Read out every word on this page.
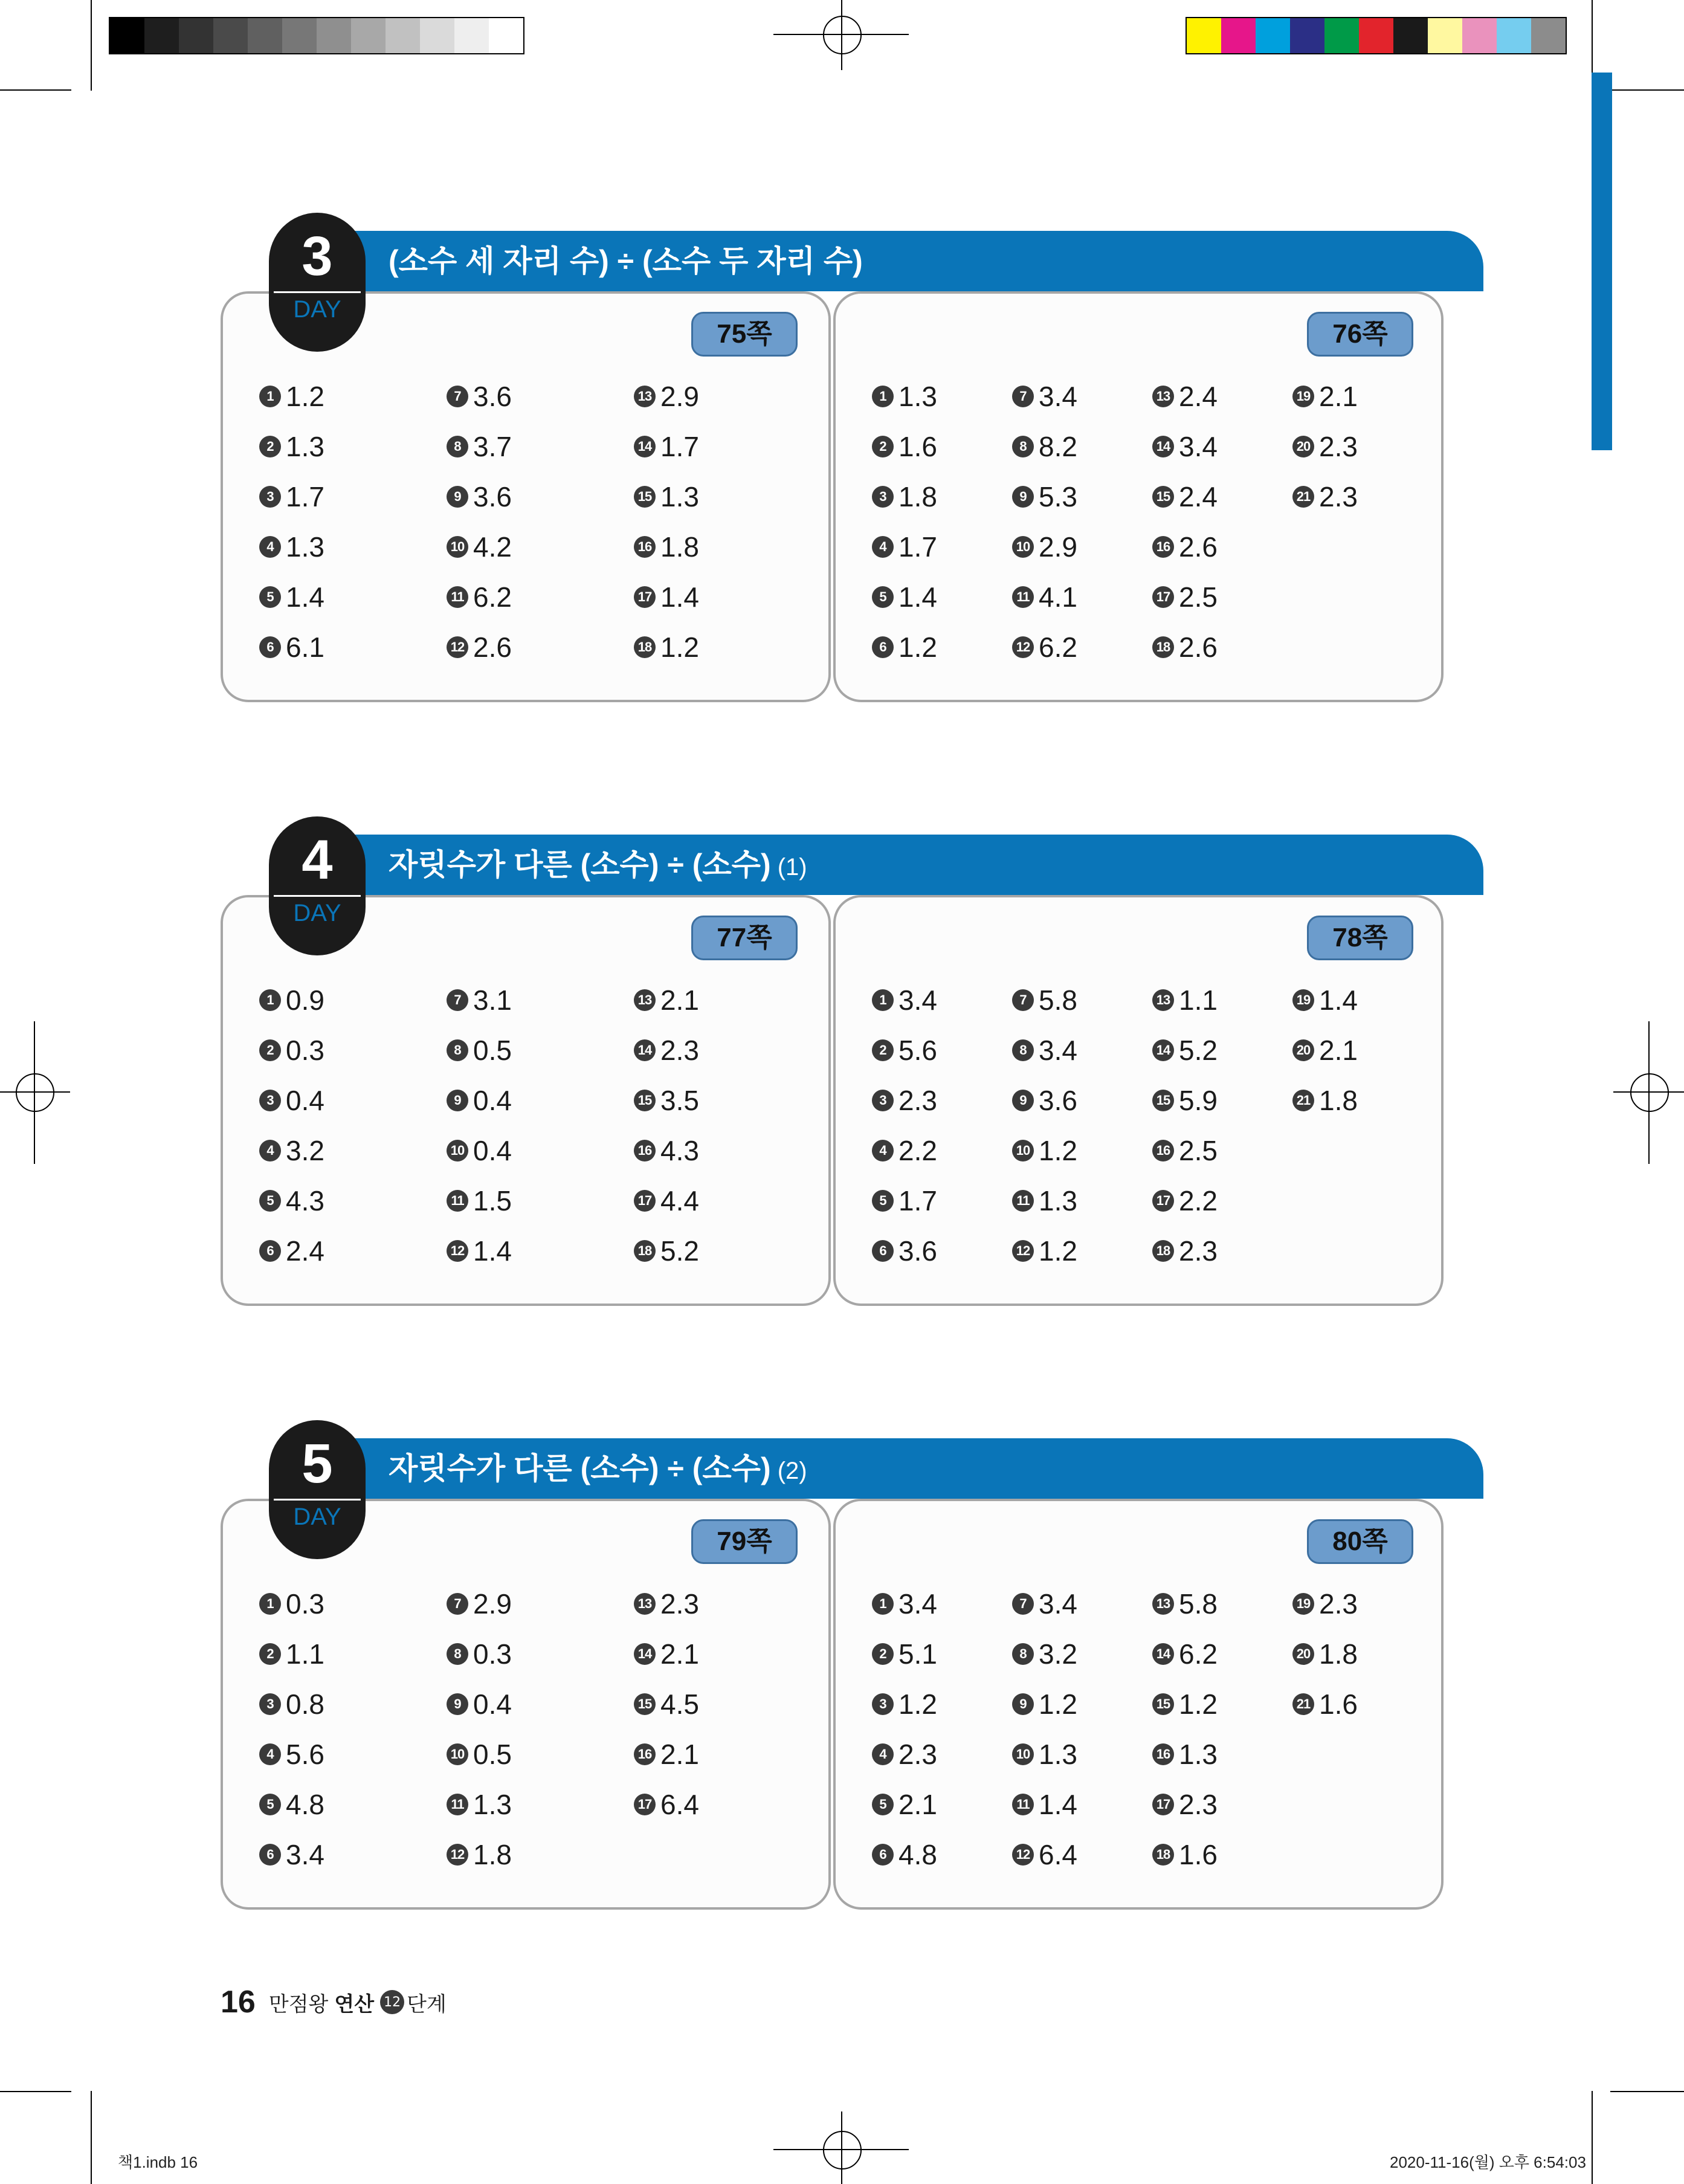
(소수 세 자리 수) ÷ (소수 두 자리 수)
75쪽
1 1.2
2 1.3
3 1.7
4 1.3
5 1.4
6 6.1
7 3.6
8 3.7
9 3.6
10 4.2
11 6.2
12 2.6
13 2.9
14 1.7
15 1.3
16 1.8
17 1.4
18 1.2
76쪽
1 1.3
2 1.6
3 1.8
4 1.7
5 1.4
6 1.2
7 3.4
8 8.2
9 5.3
10 2.9
11 4.1
12 6.2
13 2.4
14 3.4
15 2.4
16 2.6
17 2.5
18 2.6
19 2.1
20 2.3
21 2.3
3
DAY
자릿수가 다른 (소수) ÷ (소수) (1)
77쪽
1 0.9
2 0.3
3 0.4
4 3.2
5 4.3
6 2.4
7 3.1
8 0.5
9 0.4
10 0.4
11 1.5
12 1.4
13 2.1
14 2.3
15 3.5
16 4.3
17 4.4
18 5.2
78쪽
1 3.4
2 5.6
3 2.3
4 2.2
5 1.7
6 3.6
7 5.8
8 3.4
9 3.6
10 1.2
11 1.3
12 1.2
13 1.1
14 5.2
15 5.9
16 2.5
17 2.2
18 2.3
19 1.4
20 2.1
21 1.8
4
DAY
자릿수가 다른 (소수) ÷ (소수) (2)
79쪽
1 0.3
2 1.1
3 0.8
4 5.6
5 4.8
6 3.4
7 2.9
8 0.3
9 0.4
10 0.5
11 1.3
12 1.8
13 2.3
14 2.1
15 4.5
16 2.1
17 6.4
80쪽
1 3.4
2 5.1
3 1.2
4 2.3
5 2.1
6 4.8
7 3.4
8 3.2
9 1.2
10 1.3
11 1.4
12 6.4
13 5.8
14 6.2
15 1.2
16 1.3
17 2.3
18 1.6
19 2.3
20 1.8
21 1.6
5
DAY
16 만점왕 연산 12 단계
책1.indb 16	2020-11-16(월) 오후 6:54:03
